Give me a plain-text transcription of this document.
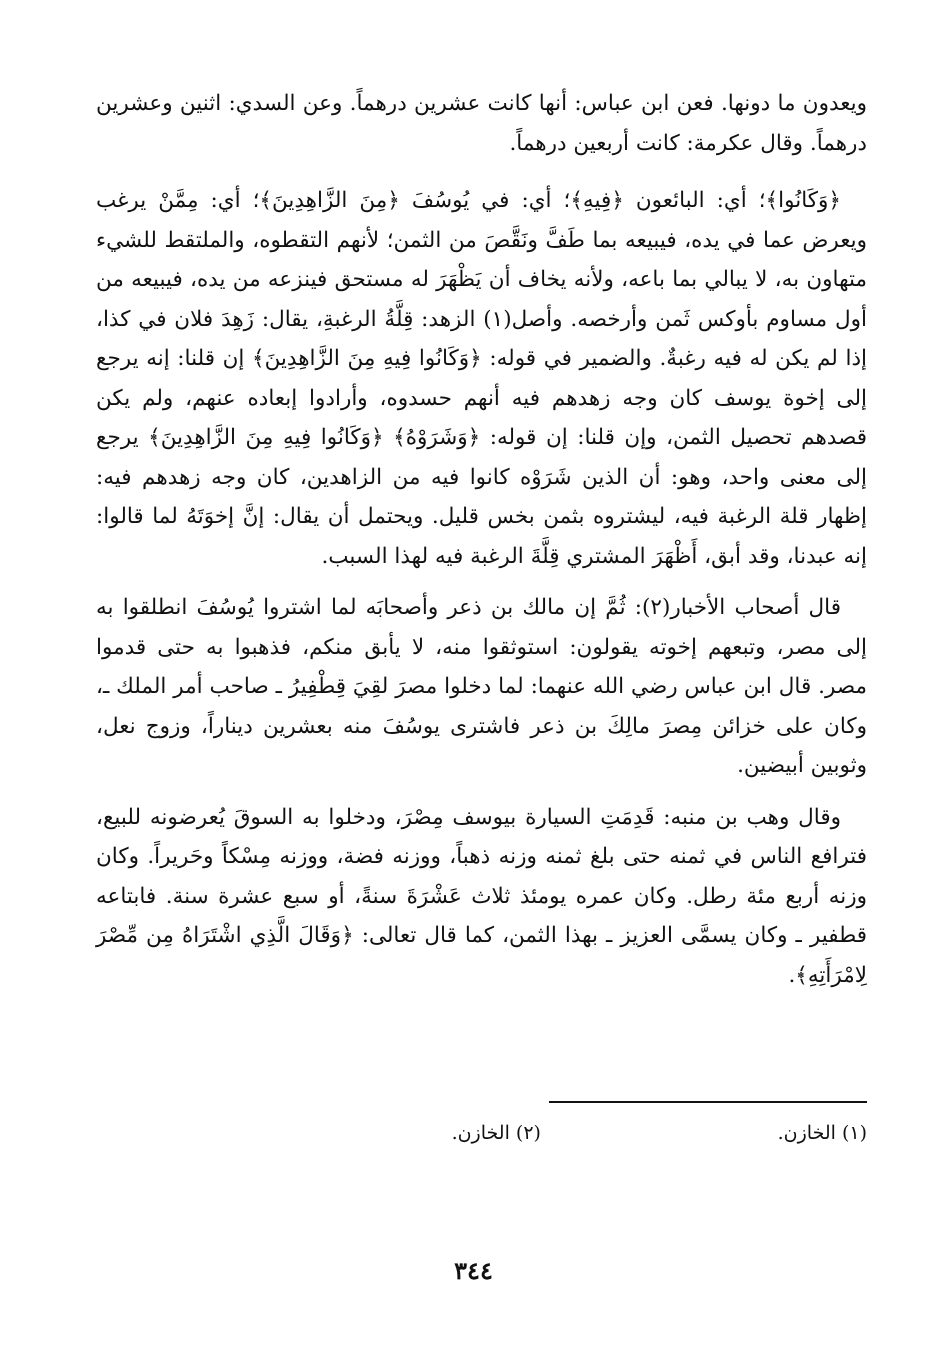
ويعدون ما دونها. فعن ابن عباس: أنها كانت عشرين درهماً. وعن السدي: اثنين وعشرين درهماً. وقال عكرمة: كانت أربعين درهماً.

﴿وَكَانُوا﴾؛ أي: البائعون ﴿فِيهِ﴾؛ أي: في يُوسُفَ ﴿مِنَ الزَّاهِدِينَ﴾؛ أي: مِمَّنْ يرغب ويعرض عما في يده، فيبيعه بما طَفَّ ونَقَّصَ من الثمن؛ لأنهم التقطوه، والملتقط للشيء متهاون به، لا يبالي بما باعه، ولأنه يخاف أن يَظْهَرَ له مستحق فينزعه من يده، فيبيعه من أول مساوم بأوكس ثَمن وأرخصه. وأصل(١) الزهد: قِلَّةُ الرغبةِ، يقال: زَهِدَ فلان في كذا، إذا لم يكن له فيه رغبةٌ. والضمير في قوله: ﴿وَكَانُوا فِيهِ مِنَ الزَّاهِدِينَ﴾ إن قلنا: إنه يرجع إلى إخوة يوسف كان وجه زهدهم فيه أنهم حسدوه، وأرادوا إبعاده عنهم، ولم يكن قصدهم تحصيل الثمن، وإن قلنا: إن قوله: ﴿وَشَرَوْهُ﴾ ﴿وَكَانُوا فِيهِ مِنَ الزَّاهِدِينَ﴾ يرجع إلى معنى واحد، وهو: أن الذين شَرَوْه كانوا فيه من الزاهدين، كان وجه زهدهم فيه: إظهار قلة الرغبة فيه، ليشتروه بثمن بخس قليل. ويحتمل أن يقال: إنَّ إخوَتَهُ لما قالوا: إنه عبدنا، وقد أبق، أَظْهَرَ المشتري قِلَّةَ الرغبة فيه لهذا السبب.

قال أصحاب الأخبار(٢): ثُمَّ إن مالك بن ذعر وأصحابَه لما اشتروا يُوسُفَ انطلقوا به إلى مصر، وتبعهم إخوته يقولون: استوثقوا منه، لا يأبق منكم، فذهبوا به حتى قدموا مصر. قال ابن عباس رضي الله عنهما: لما دخلوا مصرَ لقِيَ قِطْفِيرُ ـ صاحب أمر الملك ـ، وكان على خزائن مِصرَ مالِكَ بن ذعر فاشترى يوسُفَ منه بعشرين ديناراً، وزوج نعل، وثوبين أبيضين.

وقال وهب بن منبه: قَدِمَتِ السيارة بيوسف مِصْرَ، ودخلوا به السوقَ يُعرضونه للبيع، فترافع الناس في ثمنه حتى بلغ ثمنه وزنه ذهباً، ووزنه فضة، ووزنه مِسْكاً وحَريراً. وكان وزنه أربع مئة رطل. وكان عمره يومئذ ثلاث عَشْرَةَ سنةً، أو سبع عشرة سنة. فابتاعه قطفير ـ وكان يسمَّى العزيز ـ بهذا الثمن، كما قال تعالى: ﴿وَقَالَ الَّذِي اشْتَرَاهُ مِن مِّصْرَ لِامْرَأَتِهِ﴾.

(١) الخازن. (٢) الخازن.
٣٤٤
